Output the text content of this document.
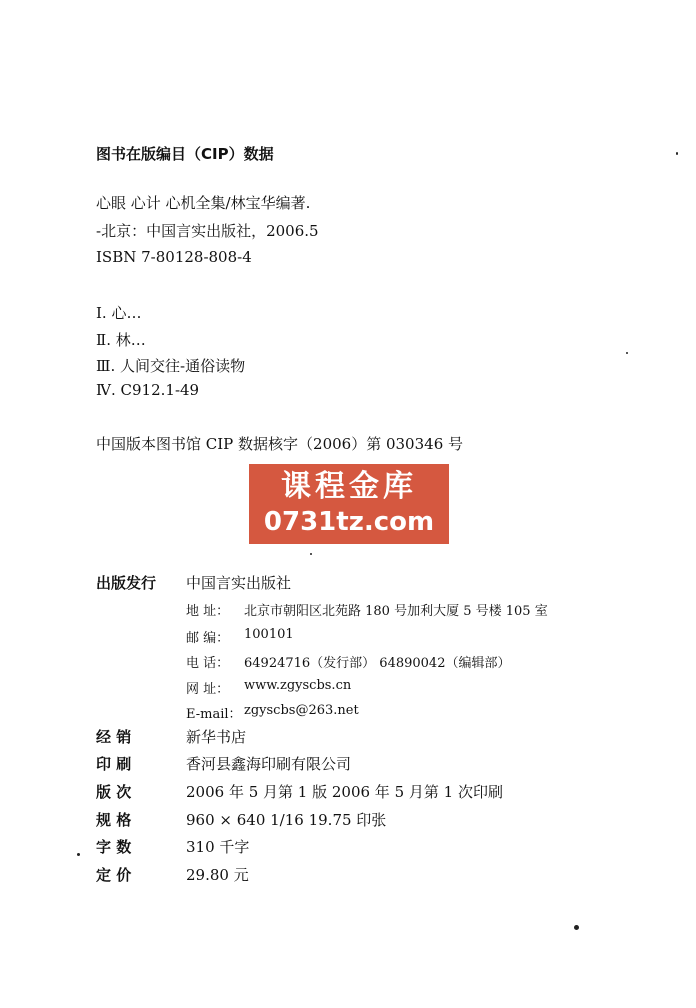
图书在版编目（CIP）数据
心眼 心计 心机全集/林宝华编著.
-北京：中国言实出版社，2006.5
ISBN 7-80128-808-4
Ⅰ. 心…
Ⅱ. 林…
Ⅲ. 人间交往-通俗读物
Ⅳ. C912.1-49
中国版本图书馆 CIP 数据核字（2006）第 030346 号
课程金库
0731tz.com
出版发行 中国言实出版社
地 址： 北京市朝阳区北苑路 180 号加利大厦 5 号楼 105 室
邮 编： 100101
电 话： 64924716（发行部） 64890042（编辑部）
网 址： www.zgyscbs.cn
E-mail： zgyscbs@263.net
经 销	新华书店
印 刷	香河县鑫海印刷有限公司
版 次	2006 年 5 月第 1 版 2006 年 5 月第 1 次印刷
规 格	960 × 640 1/16 19.75 印张
字 数	310 千字
定 价	29.80 元
